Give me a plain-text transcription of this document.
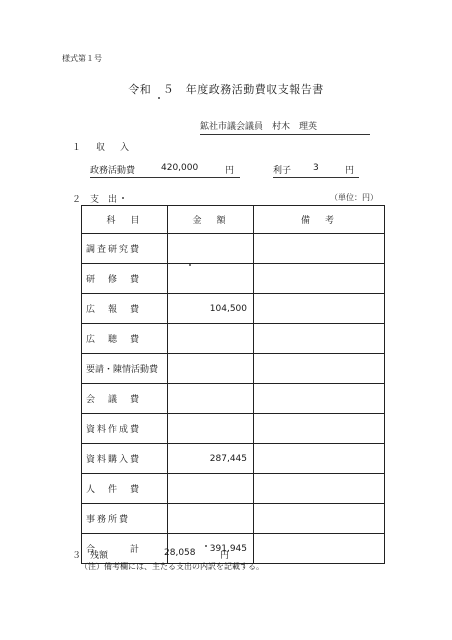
様式第１号
令和　５　年度政務活動費収支報告書
鉱社市議会議員　村木　理英
１　収　入
政務活動費	420,000	円	利子 3	円
２　支　出	（単位：円）
科　目	金　額	備　考
調査研究費		
研　修　費		
広　報　費	104,500	
広　聴　費		
要請・陳情活動費		
会　議　費		
資料作成費		
資料購入費	287,445	
人　件　費		
事務所費		
合　　　計	391,945	
３　残額	28,058	円
（注）備考欄には、主たる支出の内訳を記載する。
